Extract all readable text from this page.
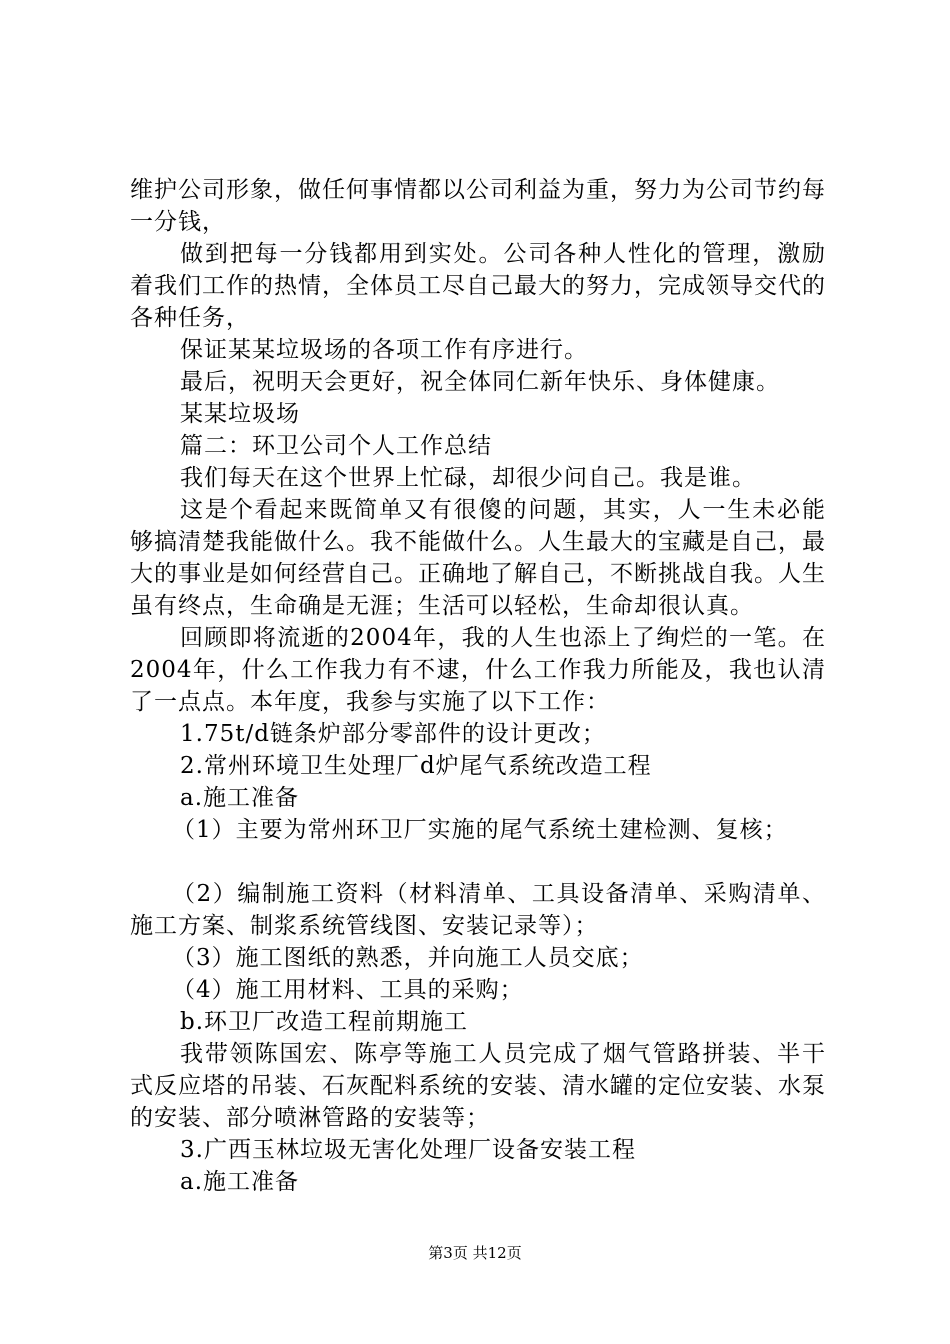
维护公司形象，做任何事情都以公司利益为重，努力为公司节约每一分钱，

做到把每一分钱都用到实处。公司各种人性化的管理，激励着我们工作的热情，全体员工尽自己最大的努力，完成领导交代的各种任务，

保证某某垃圾场的各项工作有序进行。

最后，祝明天会更好，祝全体同仁新年快乐、身体健康。

某某垃圾场

篇二：环卫公司个人工作总结

我们每天在这个世界上忙碌，却很少问自己。我是谁。

这是个看起来既简单又有很傻的问题，其实，人一生未必能够搞清楚我能做什么。我不能做什么。人生最大的宝藏是自己，最大的事业是如何经营自己。正确地了解自己，不断挑战自我。人生虽有终点，生命确是无涯；生活可以轻松，生命却很认真。

回顾即将流逝的2004年，我的人生也添上了绚烂的一笔。在2004年，什么工作我力有不逮，什么工作我力所能及，我也认清了一点点。本年度，我参与实施了以下工作：

1.75t/d链条炉部分零部件的设计更改；

2.常州环境卫生处理厂d炉尾气系统改造工程

a.施工准备

（1）主要为常州环卫厂实施的尾气系统土建检测、复核；

（2）编制施工资料（材料清单、工具设备清单、采购清单、施工方案、制浆系统管线图、安装记录等）；

（3）施工图纸的熟悉，并向施工人员交底；

（4）施工用材料、工具的采购；

b.环卫厂改造工程前期施工

我带领陈国宏、陈亭等施工人员完成了烟气管路拼装、半干式反应塔的吊装、石灰配料系统的安装、清水罐的定位安装、水泵的安装、部分喷淋管路的安装等；

3.广西玉林垃圾无害化处理厂设备安装工程

a.施工准备

第3页 共12页
